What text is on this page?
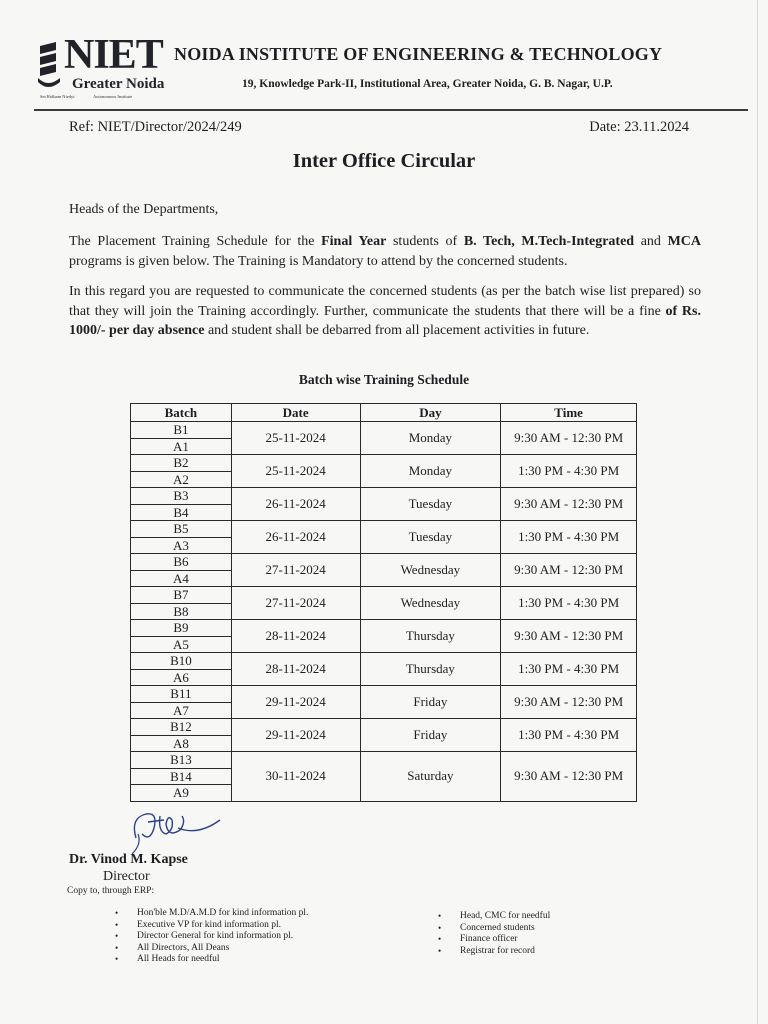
NIET
Greater Noida
Set Ridham Niedyi	Autonomous Institute
NOIDA INSTITUTE OF ENGINEERING & TECHNOLOGY
19, Knowledge Park-II, Institutional Area, Greater Noida, G. B. Nagar, U.P.
Ref: NIET/Director/2024/249	Date: 23.11.2024
Inter Office Circular
Heads of the Departments,
The Placement Training Schedule for the Final Year students of B. Tech, M.Tech-Integrated and MCA programs is given below. The Training is Mandatory to attend by the concerned students.
In this regard you are requested to communicate the concerned students (as per the batch wise list prepared) so that they will join the Training accordingly. Further, communicate the students that there will be a fine of Rs. 1000/- per day absence and student shall be debarred from all placement activities in future.
Batch wise Training Schedule
Batch	Date	Day	Time
B1	25-11-2024	Monday	9:30 AM - 12:30 PM
A1			
B2	25-11-2024	Monday	1:30 PM - 4:30 PM
A2			
B3	26-11-2024	Tuesday	9:30 AM - 12:30 PM
B4			
B5	26-11-2024	Tuesday	1:30 PM - 4:30 PM
A3			
B6	27-11-2024	Wednesday	9:30 AM - 12:30 PM
A4			
B7	27-11-2024	Wednesday	1:30 PM - 4:30 PM
B8			
B9	28-11-2024	Thursday	9:30 AM - 12:30 PM
A5			
B10	28-11-2024	Thursday	1:30 PM - 4:30 PM
A6			
B11	29-11-2024	Friday	9:30 AM - 12:30 PM
A7			
B12	29-11-2024	Friday	1:30 PM - 4:30 PM
A8			
B13	30-11-2024	Saturday	9:30 AM - 12:30 PM
B14			
A9			
Dr. Vinod M. Kapse
Director
Copy to, through ERP:
• Hon'ble M.D/A.M.D for kind information pl.
• Executive VP for kind information pl.
• Director General for kind information pl.
• All Directors, All Deans
• All Heads for needful
• Head, CMC for needful
• Concerned students
• Finance officer
• Registrar for record
